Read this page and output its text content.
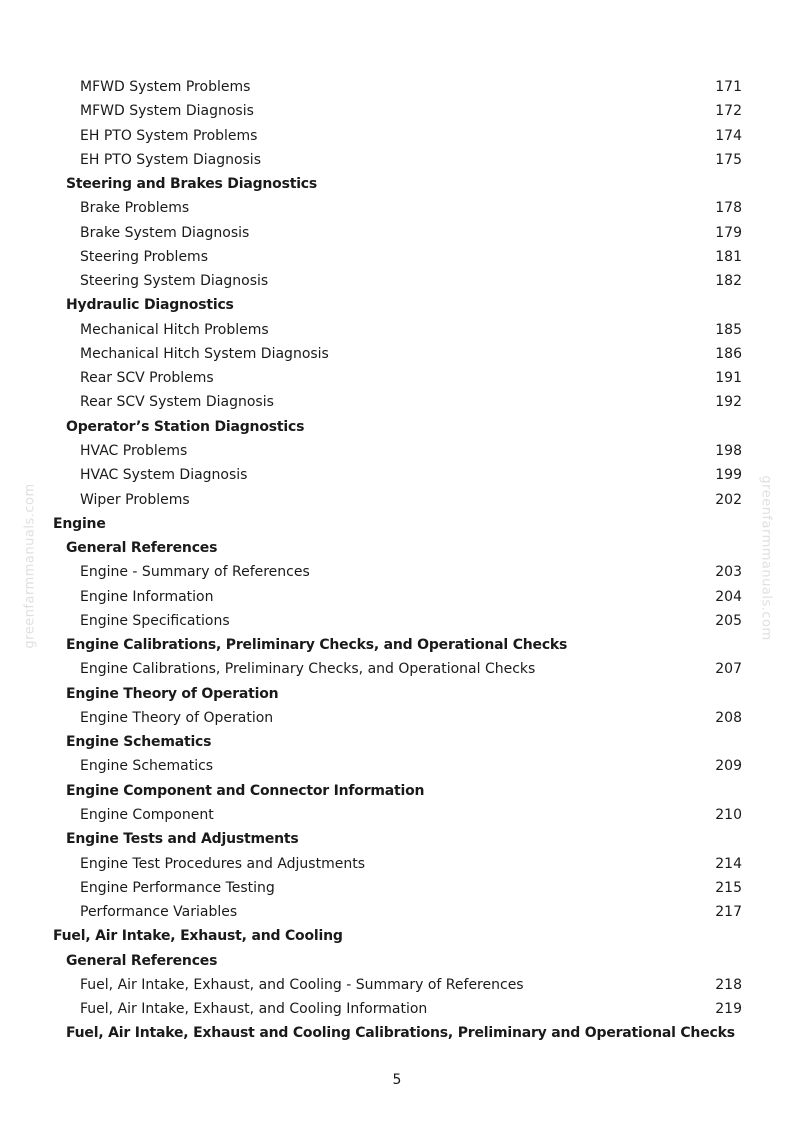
greenfarmmanuals.com	greenfarmmanuals.com
MFWD System Problems	171
MFWD System Diagnosis	172
EH PTO System Problems	174
EH PTO System Diagnosis	175
Steering and Brakes Diagnostics
Brake Problems	178
Brake System Diagnosis	179
Steering Problems	181
Steering System Diagnosis	182
Hydraulic Diagnostics
Mechanical Hitch Problems	185
Mechanical Hitch System Diagnosis	186
Rear SCV Problems	191
Rear SCV System Diagnosis	192
Operator’s Station Diagnostics
HVAC Problems	198
HVAC System Diagnosis	199
Wiper Problems	202
Engine
General References
Engine - Summary of References	203
Engine Information	204
Engine Specifications	205
Engine Calibrations, Preliminary Checks, and Operational Checks
Engine Calibrations, Preliminary Checks, and Operational Checks	207
Engine Theory of Operation
Engine Theory of Operation	208
Engine Schematics
Engine Schematics	209
Engine Component and Connector Information
Engine Component	210
Engine Tests and Adjustments
Engine Test Procedures and Adjustments	214
Engine Performance Testing	215
Performance Variables	217
Fuel, Air Intake, Exhaust, and Cooling
General References
Fuel, Air Intake, Exhaust, and Cooling - Summary of References	218
Fuel, Air Intake, Exhaust, and Cooling Information	219
Fuel, Air Intake, Exhaust and Cooling Calibrations, Preliminary and Operational Checks
5
